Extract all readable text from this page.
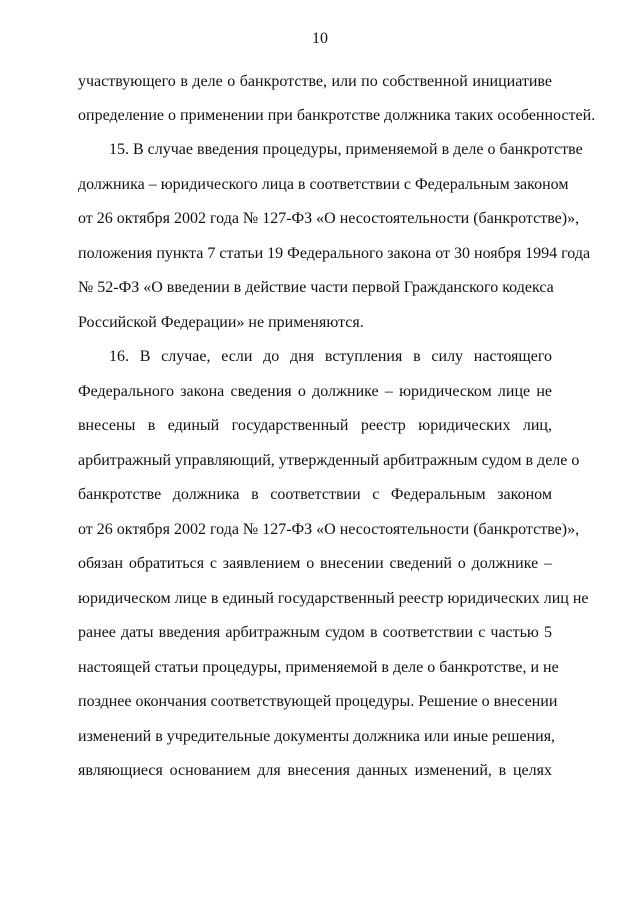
10
участвующего в деле о банкротстве, или по собственной инициативе
определение о применении при банкротстве должника таких особенностей.
15. В случае введения процедуры, применяемой в деле о банкротстве
должника – юридического лица в соответствии с Федеральным законом
от 26 октября 2002 года № 127-ФЗ «О несостоятельности (банкротстве)»,
положения пункта 7 статьи 19 Федерального закона от 30 ноября 1994 года
№ 52-ФЗ «О введении в действие части первой Гражданского кодекса
Российской Федерации» не применяются.
16. В случае, если до дня вступления в силу настоящего
Федерального закона сведения о должнике – юридическом лице не
внесены в единый государственный реестр юридических лиц,
арбитражный управляющий, утвержденный арбитражным судом в деле о
банкротстве должника в соответствии с Федеральным законом
от 26 октября 2002 года № 127-ФЗ «О несостоятельности (банкротстве)»,
обязан обратиться с заявлением о внесении сведений о должнике –
юридическом лице в единый государственный реестр юридических лиц не
ранее даты введения арбитражным судом в соответствии с частью 5
настоящей статьи процедуры, применяемой в деле о банкротстве, и не
позднее окончания соответствующей процедуры. Решение о внесении
изменений в учредительные документы должника или иные решения,
являющиеся основанием для внесения данных изменений, в целях
